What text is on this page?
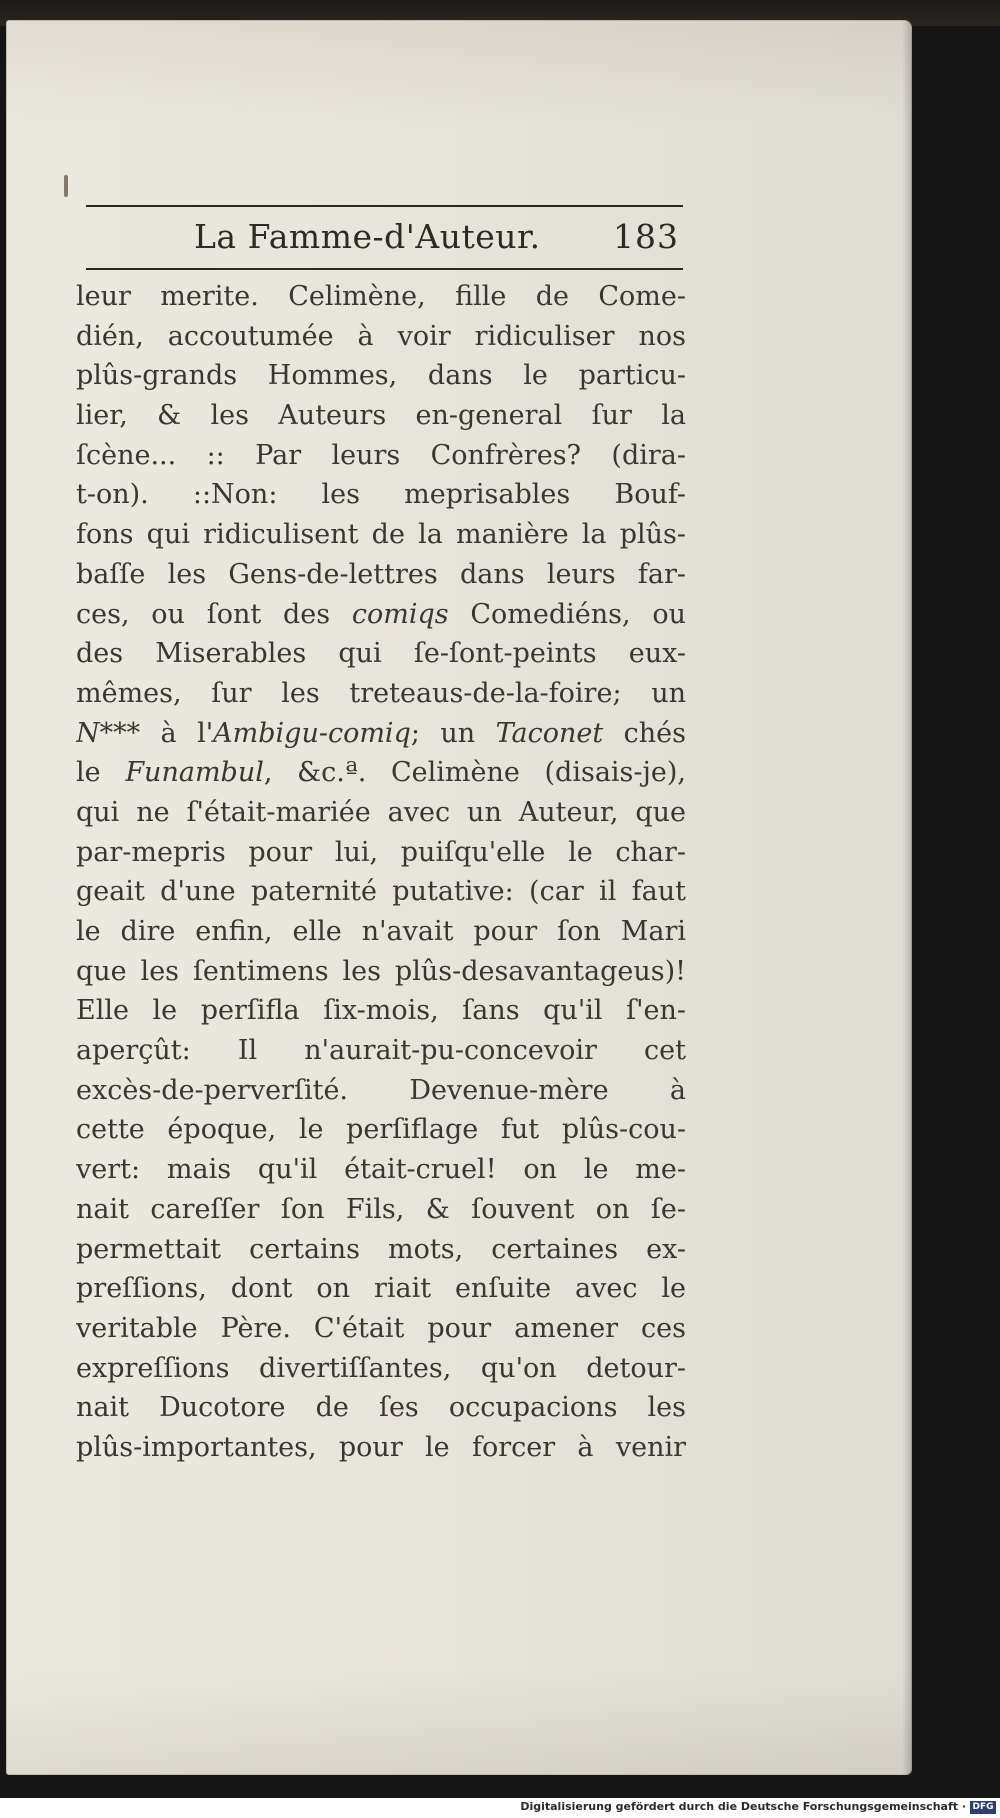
La Famme-d'Auteur. 183
leur merite. Celimène, fille de Come-
dién, accoutumée à voir ridiculiser nos
plûs-grands Hommes, dans le particu-
lier, & les Auteurs en-general ſur la
ſcène... :: Par leurs Confrères? (dira-
t-on). ::Non: les meprisables Bouf-
fons qui ridiculisent de la manière la plûs-
baſſe les Gens-de-lettres dans leurs far-
ces, ou ſont des comiqs Comediéns, ou
des Miserables qui ſe-ſont-peints eux-
mêmes, ſur les treteaus-de-la-foire; un
N*** à l'Ambigu-comiq; un Taconet chés
le Funambul, &c.ª. Celimène (disais-je),
qui ne ſ'était-mariée avec un Auteur, que
par-mepris pour lui, puiſqu'elle le char-
geait d'une paternité putative: (car il faut
le dire enfin, elle n'avait pour ſon Mari
que les ſentimens les plûs-desavantageus)!
Elle le perſifla ſix-mois, ſans qu'il ſ'en-
aperçût: Il n'aurait-pu-concevoir cet
excès-de-perverſité. Devenue-mère à
cette époque, le perſiflage fut plûs-cou-
vert: mais qu'il était-cruel! on le me-
nait careſſer ſon Fils, & ſouvent on ſe-
permettait certains mots, certaines ex-
preſſions, dont on riait enſuite avec le
veritable Père. C'était pour amener ces
expreſſions divertiſſantes, qu'on detour-
nait Ducotore de ſes occupacions les
plûs-importantes, pour le forcer à venir
Digitalisierung gefördert durch die Deutsche Forschungsgemeinschaft · DFG
